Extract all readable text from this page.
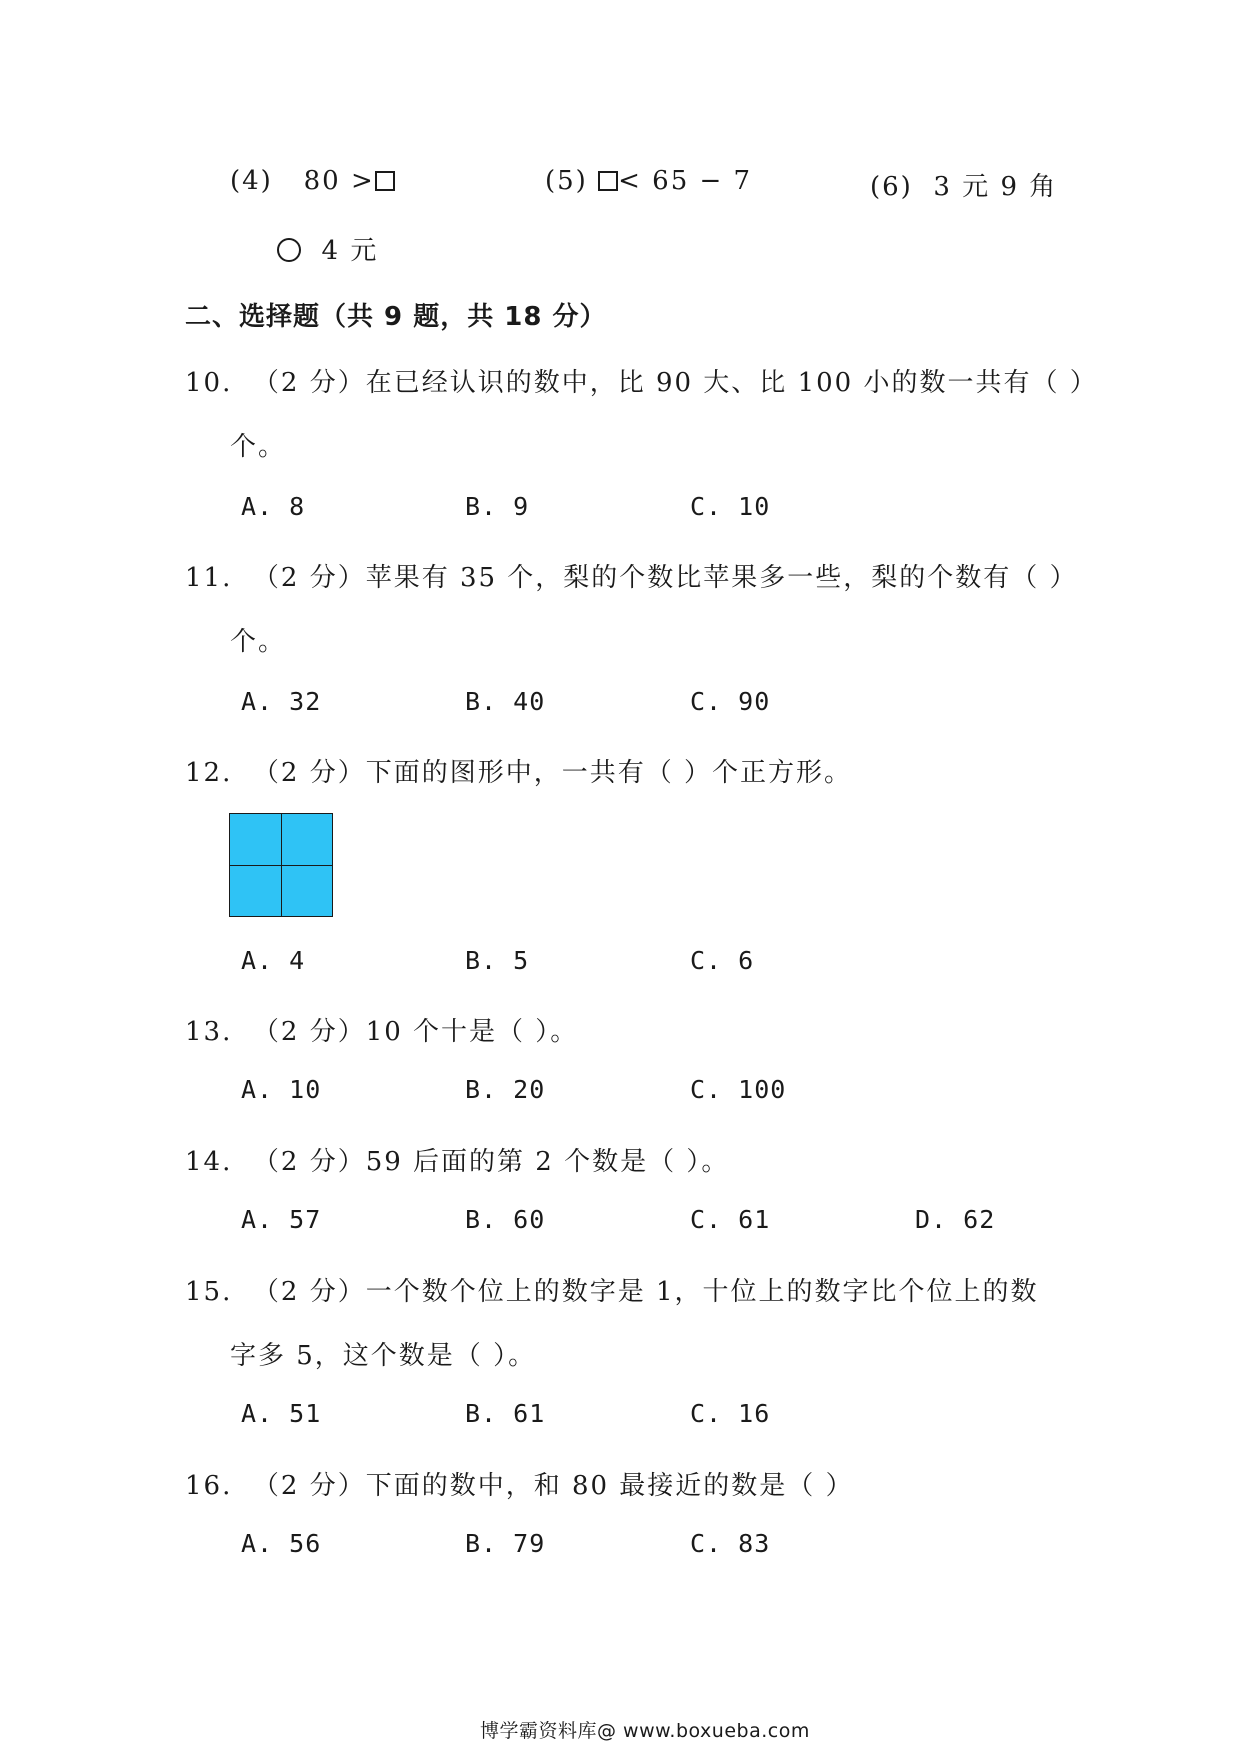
(4) 80 >	(5) < 65 − 7	(6) 3 元 9 角
4 元
二、选择题（共 9 题，共 18 分）
10. （2 分）在已经认识的数中，比 90 大、比 100 小的数一共有（ ）
个。
A. 8	B. 9	C. 10
11. （2 分）苹果有 35 个，梨的个数比苹果多一些，梨的个数有（ ）
个。
A. 32	B. 40	C. 90
12. （2 分）下面的图形中，一共有（ ）个正方形。
A. 4	B. 5	C. 6
13. （2 分）10 个十是（ ）。
A. 10	B. 20	C. 100
14. （2 分）59 后面的第 2 个数是（ ）。
A. 57	B. 60	C. 61	D. 62
15. （2 分）一个数个位上的数字是 1，十位上的数字比个位上的数
字多 5，这个数是（ ）。
A. 51	B. 61	C. 16
16. （2 分）下面的数中，和 80 最接近的数是（ ）
A. 56	B. 79	C. 83
博学霸资料库@ www.boxueba.com
